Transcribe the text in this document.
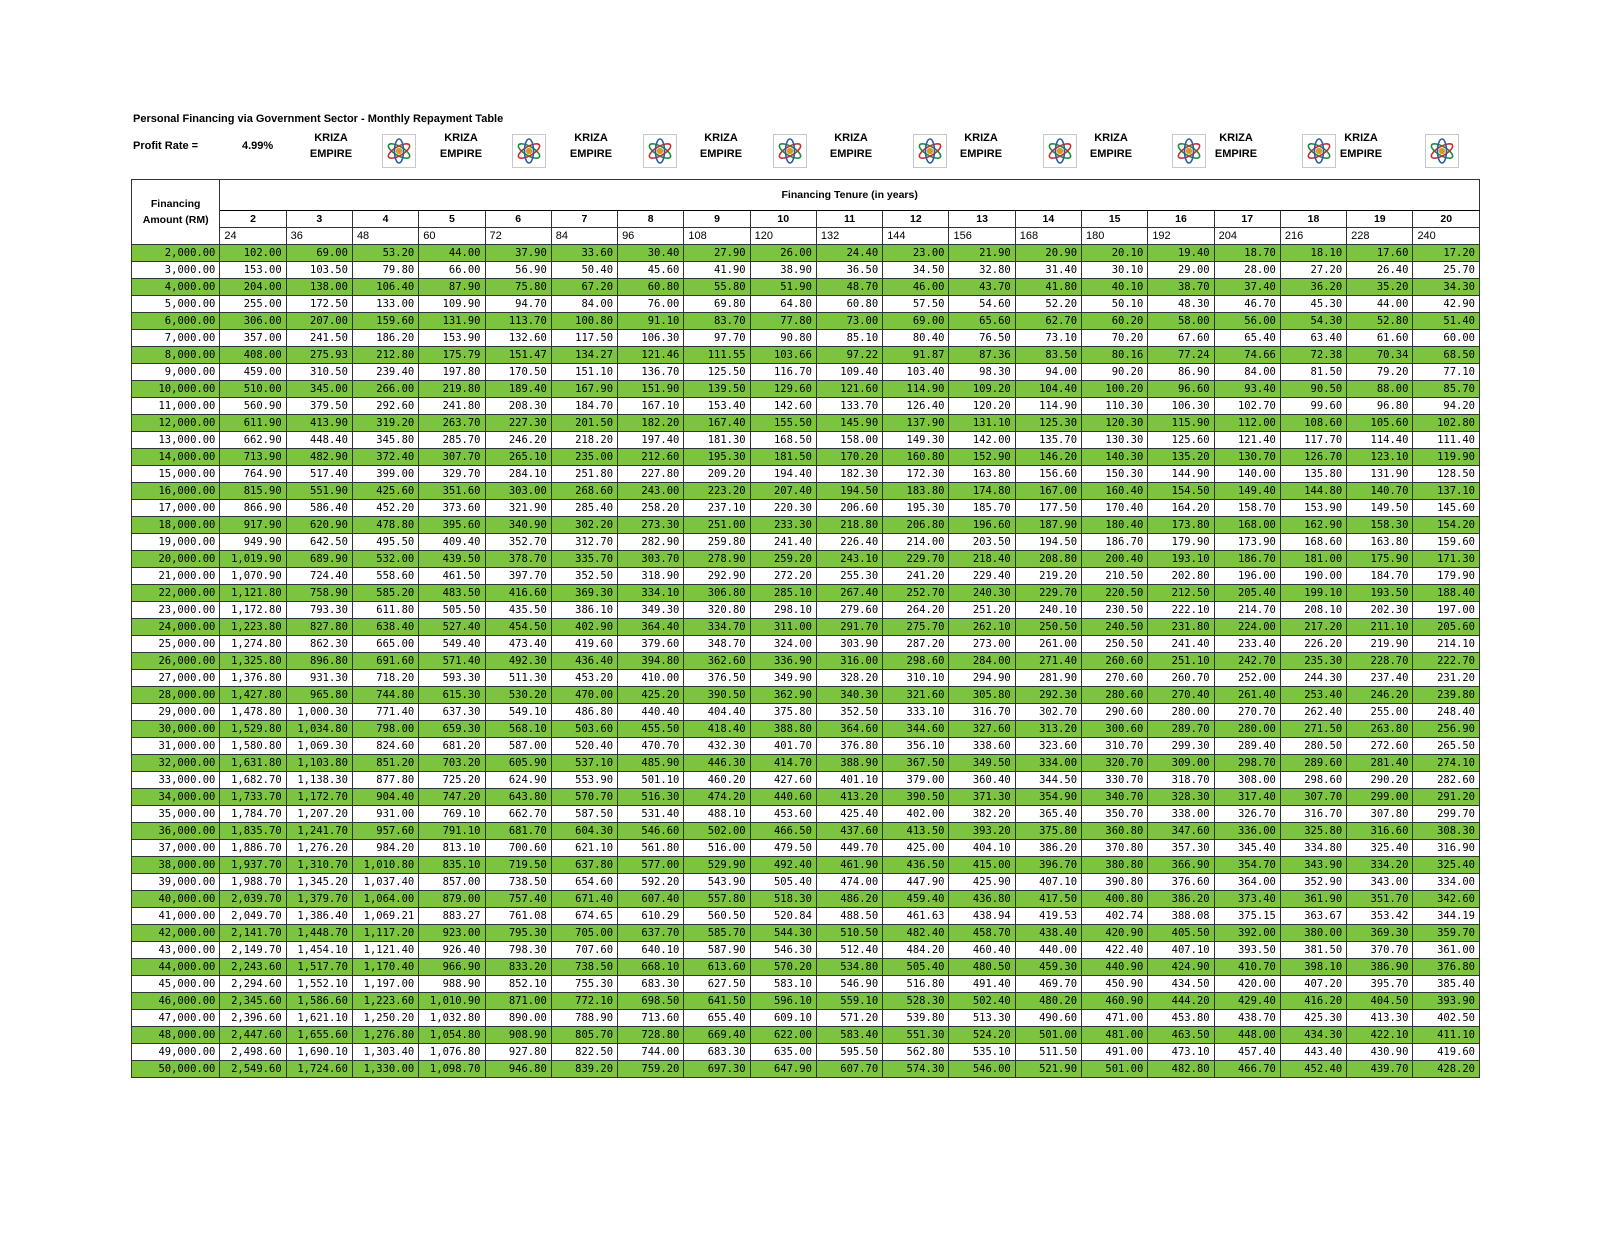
Personal Financing via Government Sector - Monthly Repayment Table
Profit Rate =	4.99%
KRIZA
EMPIRE
KRIZA
EMPIRE
KRIZA
EMPIRE
KRIZA
EMPIRE
KRIZA
EMPIRE
KRIZA
EMPIRE
KRIZA
EMPIRE
KRIZA
EMPIRE
KRIZA
EMPIRE
Financing Amount (RM)	Financing Tenure (in years)																		
	2	3	4	5	6	7	8	9	10	11	12	13	14	15	16	17	18	19	20
	24	36	48	60	72	84	96	108	120	132	144	156	168	180	192	204	216	228	240
2,000.00	102.00	69.00	53.20	44.00	37.90	33.60	30.40	27.90	26.00	24.40	23.00	21.90	20.90	20.10	19.40	18.70	18.10	17.60	17.20
3,000.00	153.00	103.50	79.80	66.00	56.90	50.40	45.60	41.90	38.90	36.50	34.50	32.80	31.40	30.10	29.00	28.00	27.20	26.40	25.70
4,000.00	204.00	138.00	106.40	87.90	75.80	67.20	60.80	55.80	51.90	48.70	46.00	43.70	41.80	40.10	38.70	37.40	36.20	35.20	34.30
5,000.00	255.00	172.50	133.00	109.90	94.70	84.00	76.00	69.80	64.80	60.80	57.50	54.60	52.20	50.10	48.30	46.70	45.30	44.00	42.90
6,000.00	306.00	207.00	159.60	131.90	113.70	100.80	91.10	83.70	77.80	73.00	69.00	65.60	62.70	60.20	58.00	56.00	54.30	52.80	51.40
7,000.00	357.00	241.50	186.20	153.90	132.60	117.50	106.30	97.70	90.80	85.10	80.40	76.50	73.10	70.20	67.60	65.40	63.40	61.60	60.00
8,000.00	408.00	275.93	212.80	175.79	151.47	134.27	121.46	111.55	103.66	97.22	91.87	87.36	83.50	80.16	77.24	74.66	72.38	70.34	68.50
9,000.00	459.00	310.50	239.40	197.80	170.50	151.10	136.70	125.50	116.70	109.40	103.40	98.30	94.00	90.20	86.90	84.00	81.50	79.20	77.10
10,000.00	510.00	345.00	266.00	219.80	189.40	167.90	151.90	139.50	129.60	121.60	114.90	109.20	104.40	100.20	96.60	93.40	90.50	88.00	85.70
11,000.00	560.90	379.50	292.60	241.80	208.30	184.70	167.10	153.40	142.60	133.70	126.40	120.20	114.90	110.30	106.30	102.70	99.60	96.80	94.20
12,000.00	611.90	413.90	319.20	263.70	227.30	201.50	182.20	167.40	155.50	145.90	137.90	131.10	125.30	120.30	115.90	112.00	108.60	105.60	102.80
13,000.00	662.90	448.40	345.80	285.70	246.20	218.20	197.40	181.30	168.50	158.00	149.30	142.00	135.70	130.30	125.60	121.40	117.70	114.40	111.40
14,000.00	713.90	482.90	372.40	307.70	265.10	235.00	212.60	195.30	181.50	170.20	160.80	152.90	146.20	140.30	135.20	130.70	126.70	123.10	119.90
15,000.00	764.90	517.40	399.00	329.70	284.10	251.80	227.80	209.20	194.40	182.30	172.30	163.80	156.60	150.30	144.90	140.00	135.80	131.90	128.50
16,000.00	815.90	551.90	425.60	351.60	303.00	268.60	243.00	223.20	207.40	194.50	183.80	174.80	167.00	160.40	154.50	149.40	144.80	140.70	137.10
17,000.00	866.90	586.40	452.20	373.60	321.90	285.40	258.20	237.10	220.30	206.60	195.30	185.70	177.50	170.40	164.20	158.70	153.90	149.50	145.60
18,000.00	917.90	620.90	478.80	395.60	340.90	302.20	273.30	251.00	233.30	218.80	206.80	196.60	187.90	180.40	173.80	168.00	162.90	158.30	154.20
19,000.00	949.90	642.50	495.50	409.40	352.70	312.70	282.90	259.80	241.40	226.40	214.00	203.50	194.50	186.70	179.90	173.90	168.60	163.80	159.60
20,000.00	1,019.90	689.90	532.00	439.50	378.70	335.70	303.70	278.90	259.20	243.10	229.70	218.40	208.80	200.40	193.10	186.70	181.00	175.90	171.30
21,000.00	1,070.90	724.40	558.60	461.50	397.70	352.50	318.90	292.90	272.20	255.30	241.20	229.40	219.20	210.50	202.80	196.00	190.00	184.70	179.90
22,000.00	1,121.80	758.90	585.20	483.50	416.60	369.30	334.10	306.80	285.10	267.40	252.70	240.30	229.70	220.50	212.50	205.40	199.10	193.50	188.40
23,000.00	1,172.80	793.30	611.80	505.50	435.50	386.10	349.30	320.80	298.10	279.60	264.20	251.20	240.10	230.50	222.10	214.70	208.10	202.30	197.00
24,000.00	1,223.80	827.80	638.40	527.40	454.50	402.90	364.40	334.70	311.00	291.70	275.70	262.10	250.50	240.50	231.80	224.00	217.20	211.10	205.60
25,000.00	1,274.80	862.30	665.00	549.40	473.40	419.60	379.60	348.70	324.00	303.90	287.20	273.00	261.00	250.50	241.40	233.40	226.20	219.90	214.10
26,000.00	1,325.80	896.80	691.60	571.40	492.30	436.40	394.80	362.60	336.90	316.00	298.60	284.00	271.40	260.60	251.10	242.70	235.30	228.70	222.70
27,000.00	1,376.80	931.30	718.20	593.30	511.30	453.20	410.00	376.50	349.90	328.20	310.10	294.90	281.90	270.60	260.70	252.00	244.30	237.40	231.20
28,000.00	1,427.80	965.80	744.80	615.30	530.20	470.00	425.20	390.50	362.90	340.30	321.60	305.80	292.30	280.60	270.40	261.40	253.40	246.20	239.80
29,000.00	1,478.80	1,000.30	771.40	637.30	549.10	486.80	440.40	404.40	375.80	352.50	333.10	316.70	302.70	290.60	280.00	270.70	262.40	255.00	248.40
30,000.00	1,529.80	1,034.80	798.00	659.30	568.10	503.60	455.50	418.40	388.80	364.60	344.60	327.60	313.20	300.60	289.70	280.00	271.50	263.80	256.90
31,000.00	1,580.80	1,069.30	824.60	681.20	587.00	520.40	470.70	432.30	401.70	376.80	356.10	338.60	323.60	310.70	299.30	289.40	280.50	272.60	265.50
32,000.00	1,631.80	1,103.80	851.20	703.20	605.90	537.10	485.90	446.30	414.70	388.90	367.50	349.50	334.00	320.70	309.00	298.70	289.60	281.40	274.10
33,000.00	1,682.70	1,138.30	877.80	725.20	624.90	553.90	501.10	460.20	427.60	401.10	379.00	360.40	344.50	330.70	318.70	308.00	298.60	290.20	282.60
34,000.00	1,733.70	1,172.70	904.40	747.20	643.80	570.70	516.30	474.20	440.60	413.20	390.50	371.30	354.90	340.70	328.30	317.40	307.70	299.00	291.20
35,000.00	1,784.70	1,207.20	931.00	769.10	662.70	587.50	531.40	488.10	453.60	425.40	402.00	382.20	365.40	350.70	338.00	326.70	316.70	307.80	299.70
36,000.00	1,835.70	1,241.70	957.60	791.10	681.70	604.30	546.60	502.00	466.50	437.60	413.50	393.20	375.80	360.80	347.60	336.00	325.80	316.60	308.30
37,000.00	1,886.70	1,276.20	984.20	813.10	700.60	621.10	561.80	516.00	479.50	449.70	425.00	404.10	386.20	370.80	357.30	345.40	334.80	325.40	316.90
38,000.00	1,937.70	1,310.70	1,010.80	835.10	719.50	637.80	577.00	529.90	492.40	461.90	436.50	415.00	396.70	380.80	366.90	354.70	343.90	334.20	325.40
39,000.00	1,988.70	1,345.20	1,037.40	857.00	738.50	654.60	592.20	543.90	505.40	474.00	447.90	425.90	407.10	390.80	376.60	364.00	352.90	343.00	334.00
40,000.00	2,039.70	1,379.70	1,064.00	879.00	757.40	671.40	607.40	557.80	518.30	486.20	459.40	436.80	417.50	400.80	386.20	373.40	361.90	351.70	342.60
41,000.00	2,049.70	1,386.40	1,069.21	883.27	761.08	674.65	610.29	560.50	520.84	488.50	461.63	438.94	419.53	402.74	388.08	375.15	363.67	353.42	344.19
42,000.00	2,141.70	1,448.70	1,117.20	923.00	795.30	705.00	637.70	585.70	544.30	510.50	482.40	458.70	438.40	420.90	405.50	392.00	380.00	369.30	359.70
43,000.00	2,149.70	1,454.10	1,121.40	926.40	798.30	707.60	640.10	587.90	546.30	512.40	484.20	460.40	440.00	422.40	407.10	393.50	381.50	370.70	361.00
44,000.00	2,243.60	1,517.70	1,170.40	966.90	833.20	738.50	668.10	613.60	570.20	534.80	505.40	480.50	459.30	440.90	424.90	410.70	398.10	386.90	376.80
45,000.00	2,294.60	1,552.10	1,197.00	988.90	852.10	755.30	683.30	627.50	583.10	546.90	516.80	491.40	469.70	450.90	434.50	420.00	407.20	395.70	385.40
46,000.00	2,345.60	1,586.60	1,223.60	1,010.90	871.00	772.10	698.50	641.50	596.10	559.10	528.30	502.40	480.20	460.90	444.20	429.40	416.20	404.50	393.90
47,000.00	2,396.60	1,621.10	1,250.20	1,032.80	890.00	788.90	713.60	655.40	609.10	571.20	539.80	513.30	490.60	471.00	453.80	438.70	425.30	413.30	402.50
48,000.00	2,447.60	1,655.60	1,276.80	1,054.80	908.90	805.70	728.80	669.40	622.00	583.40	551.30	524.20	501.00	481.00	463.50	448.00	434.30	422.10	411.10
49,000.00	2,498.60	1,690.10	1,303.40	1,076.80	927.80	822.50	744.00	683.30	635.00	595.50	562.80	535.10	511.50	491.00	473.10	457.40	443.40	430.90	419.60
50,000.00	2,549.60	1,724.60	1,330.00	1,098.70	946.80	839.20	759.20	697.30	647.90	607.70	574.30	546.00	521.90	501.00	482.80	466.70	452.40	439.70	428.20
